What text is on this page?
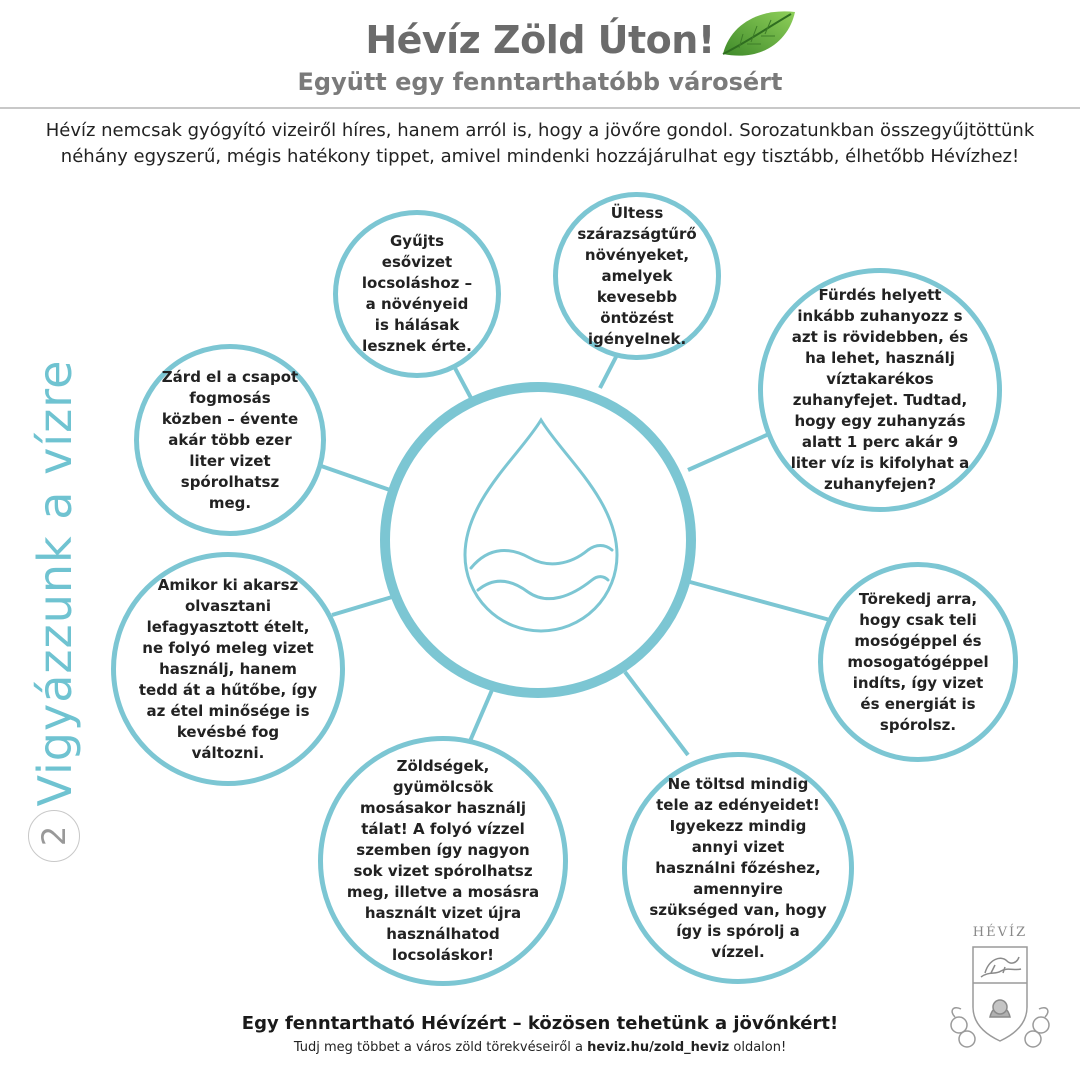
Hévíz Zöld Úton!
Együtt egy fenntarthatóbb városért
Hévíz nemcsak gyógyító vizeiről híres, hanem arról is, hogy a jövőre gondol. Sorozatunkban összegyűjtöttünk néhány egyszerű, mégis hatékony tippet, amivel mindenki hozzájárulhat egy tisztább, élhetőbb Hévízhez!
Vigyázzunk a vízre
2

Gyűjts esővizet locsoláshoz – a növényeid is hálásak lesznek érte.

Ültess szárazságtűrő növényeket, amelyek kevesebb öntözést igényelnek.

Fürdés helyett inkább zuhanyozz s azt is rövidebben, és ha lehet, használj víztakarékos zuhanyfejet. Tudtad, hogy egy zuhanyzás alatt 1 perc akár 9 liter víz is kifolyhat a zuhanyfejen?

Törekedj arra, hogy csak teli mosógéppel és mosogatógéppel indíts, így vizet és energiát is spórolsz.

Ne töltsd mindig tele az edényeidet! Igyekezz mindig annyi vizet használni főzéshez, amennyire szükséged van, hogy így is spórolj a vízzel.

Zöldségek, gyümölcsök mosásakor használj tálat! A folyó vízzel szemben így nagyon sok vizet spórolhatsz meg, illetve a mosásra használt vizet újra használhatod locsoláskor!

Amikor ki akarsz olvasztani lefagyasztott ételt, ne folyó meleg vizet használj, hanem tedd át a hűtőbe, így az étel minősége is kevésbé fog változni.

Zárd el a csapot fogmosás közben – évente akár több ezer liter vizet spórolhatsz meg.

Egy fenntartható Hévízért – közösen tehetünk a jövőnkért!
Tudj meg többet a város zöld törekvéseiről a heviz.hu/zold_heviz oldalon!
HÉVÍZ
